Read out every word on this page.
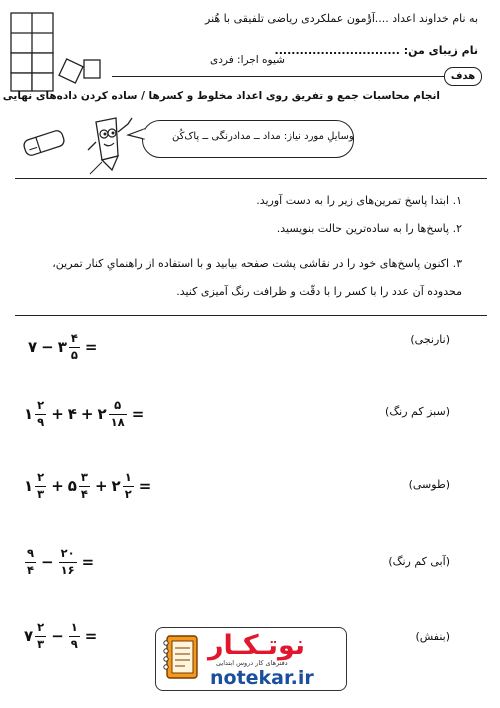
به نام خداوند اعداد .... !
آزمون عملکردی ریاضی تلفیقی با هُنر
نام زیبای من: ..............................
شیوه اجرا: فردی
هدف
انجام محاسبات جمع و تفریق روی اعداد مخلوط و کسرها / ساده کردن داده‌های نهایی
وسایلِ مورد نیاز: مداد ــ مدادرنگی ــ پاک‌کُن
۱. ابتدا پاسخ تمرین‌های زیر را به دست آورید.
۲. پاسخ‌ها را به ساده‌ترین حالت بنویسید.
۳. اکنون پاسخ‌های خود را در نقاشی پشت صفحه بیابید و با استفاده از راهنمایِ کنار تمرین، محدوده آن عدد را با کسر را با دقّت و ظرافت رنگ آمیزی کنید.
(نارنجی)
۷ − ۳ $\frac{۴}{۵}$ =
(سبز کم رنگ)
۱ $\frac{۲}{۹}$ + ۴ + ۲ $\frac{۵}{۱۸}$ =
(طوسی)
۱ $\frac{۲}{۳}$ + ۵ $\frac{۳}{۴}$ + ۲ $\frac{۱}{۲}$ =
(آبی کم رنگ)
$\frac{۹}{۴} - \frac{۲۰}{۱۶}$ =
(بنفش)
۷ $\frac{۲}{۳} - \frac{۱}{۹}$ =	نوتـکـار
دفترهای کار دروس ابتدایی
notekar.ir
